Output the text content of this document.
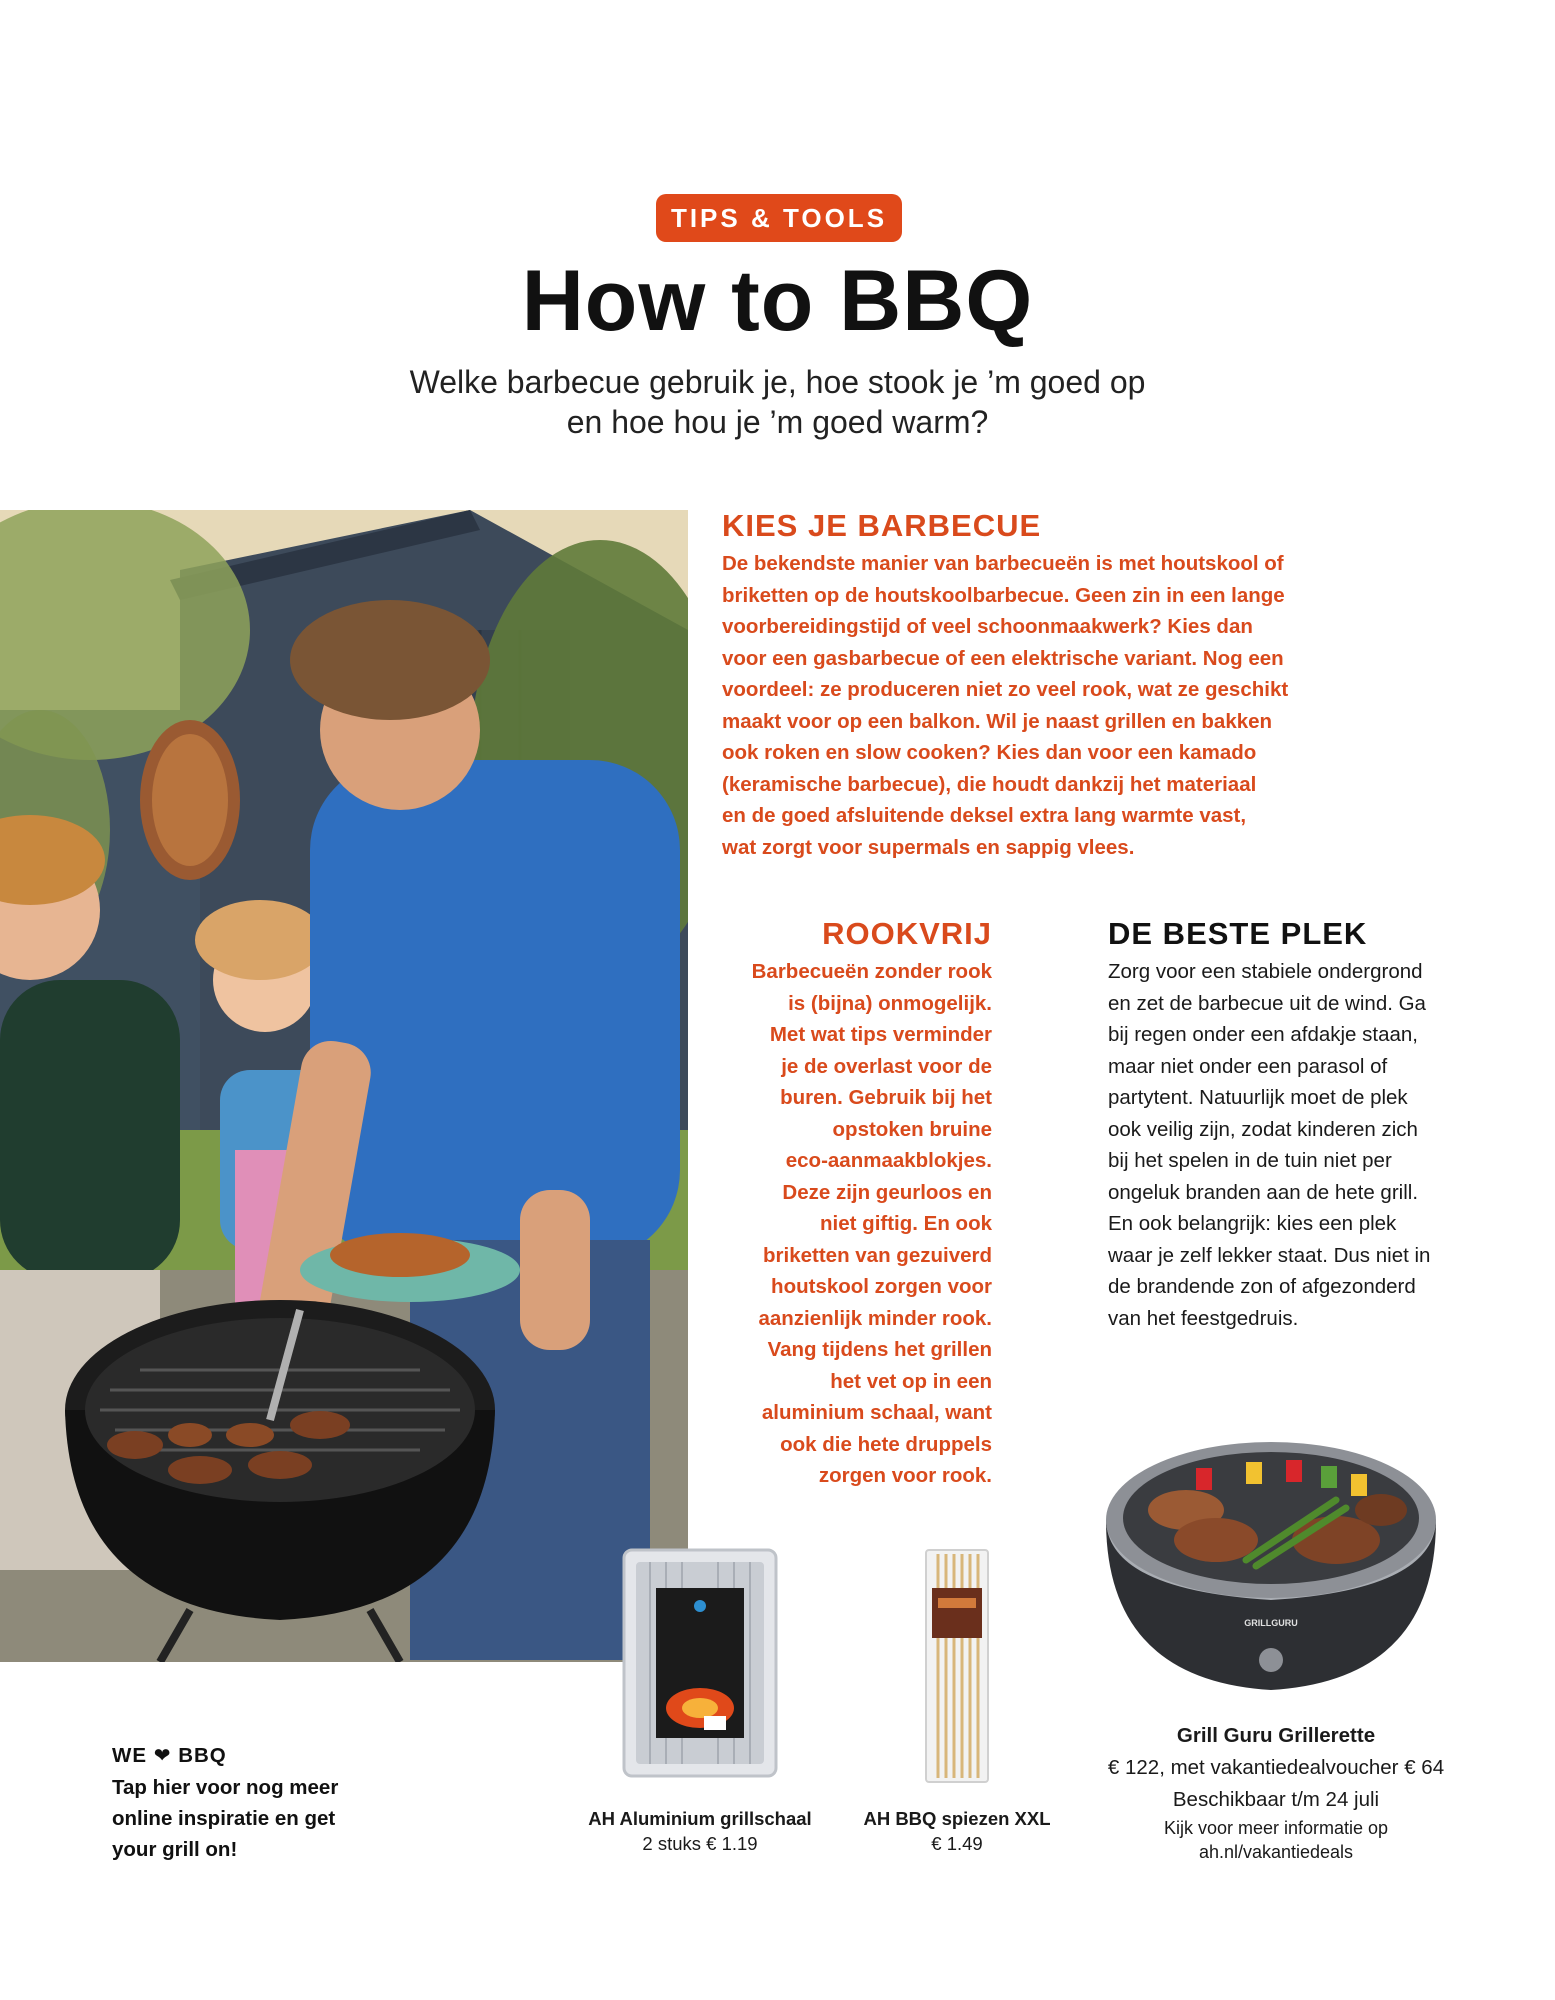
TIPS & TOOLS
How to BBQ
Welke barbecue gebruik je, hoe stook je ’m goed op
en hoe hou je ’m goed warm?
KIES JE BARBECUE
De bekendste manier van barbecueën is met houtskool of
briketten op de houtskoolbarbecue. Geen zin in een lange
voorbereidingstijd of veel schoonmaakwerk? Kies dan
voor een gasbarbecue of een elektrische variant. Nog een
voordeel: ze produceren niet zo veel rook, wat ze geschikt
maakt voor op een balkon. Wil je naast grillen en bakken
ook roken en slow cooken? Kies dan voor een kamado
(keramische barbecue), die houdt dankzij het materiaal
en de goed afsluitende deksel extra lang warmte vast,
wat zorgt voor supermals en sappig vlees.
ROOKVRIJ
Barbecueën zonder rook
is (bijna) onmogelijk.
Met wat tips verminder
je de overlast voor de
buren. Gebruik bij het
opstoken bruine
eco-aanmaakblokjes.
Deze zijn geurloos en
niet giftig. En ook
briketten van gezuiverd
houtskool zorgen voor
aanzienlijk minder rook.
Vang tijdens het grillen
het vet op in een
aluminium schaal, want
ook die hete druppels
zorgen voor rook.
DE BESTE PLEK
Zorg voor een stabiele ondergrond
en zet de barbecue uit de wind. Ga
bij regen onder een afdakje staan,
maar niet onder een parasol of
partytent. Natuurlijk moet de plek
ook veilig zijn, zodat kinderen zich
bij het spelen in de tuin niet per
ongeluk branden aan de hete grill.
En ook belangrijk: kies een plek
waar je zelf lekker staat. Dus niet in
de brandende zon of afgezonderd
van het feestgedruis.
GRILLGURU
AH Aluminium grillschaal
2 stuks € 1.19
AH BBQ spiezen XXL
€ 1.49
Grill Guru Grillerette
€ 122, met vakantiedealvoucher € 64
Beschikbaar t/m 24 juli
Kijk voor meer informatie op
ah.nl/vakantiedeals
WE ❤ BBQ
Tap hier voor nog meer
online inspiratie en get
your grill on!
